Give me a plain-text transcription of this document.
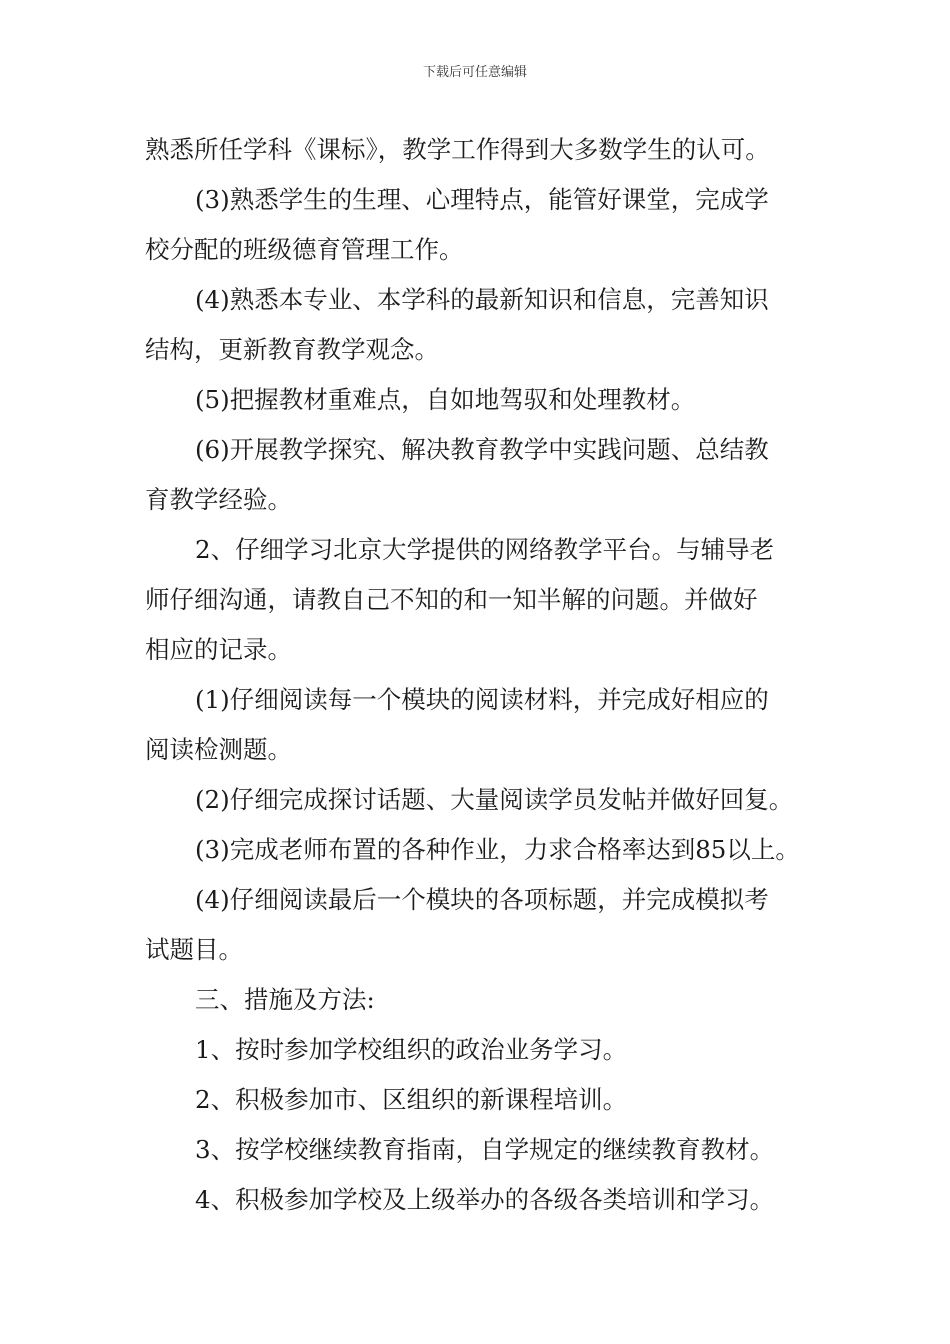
下载后可任意编辑

熟悉所任学科《课标》，教学工作得到大多数学生的认可。

(3)熟悉学生的生理、心理特点，能管好课堂，完成学

校分配的班级德育管理工作。

(4)熟悉本专业、本学科的最新知识和信息，完善知识

结构，更新教育教学观念。

(5)把握教材重难点，自如地驾驭和处理教材。

(6)开展教学探究、解决教育教学中实践问题、总结教

育教学经验。

2、仔细学习北京大学提供的网络教学平台。与辅导老

师仔细沟通，请教自己不知的和一知半解的问题。并做好

相应的记录。

(1)仔细阅读每一个模块的阅读材料，并完成好相应的

阅读检测题。

(2)仔细完成探讨话题、大量阅读学员发帖并做好回复。

(3)完成老师布置的各种作业，力求合格率达到85以上。

(4)仔细阅读最后一个模块的各项标题，并完成模拟考

试题目。

三、措施及方法:

1、按时参加学校组织的政治业务学习。

2、积极参加市、区组织的新课程培训。

3、按学校继续教育指南，自学规定的继续教育教材。

4、积极参加学校及上级举办的各级各类培训和学习。
